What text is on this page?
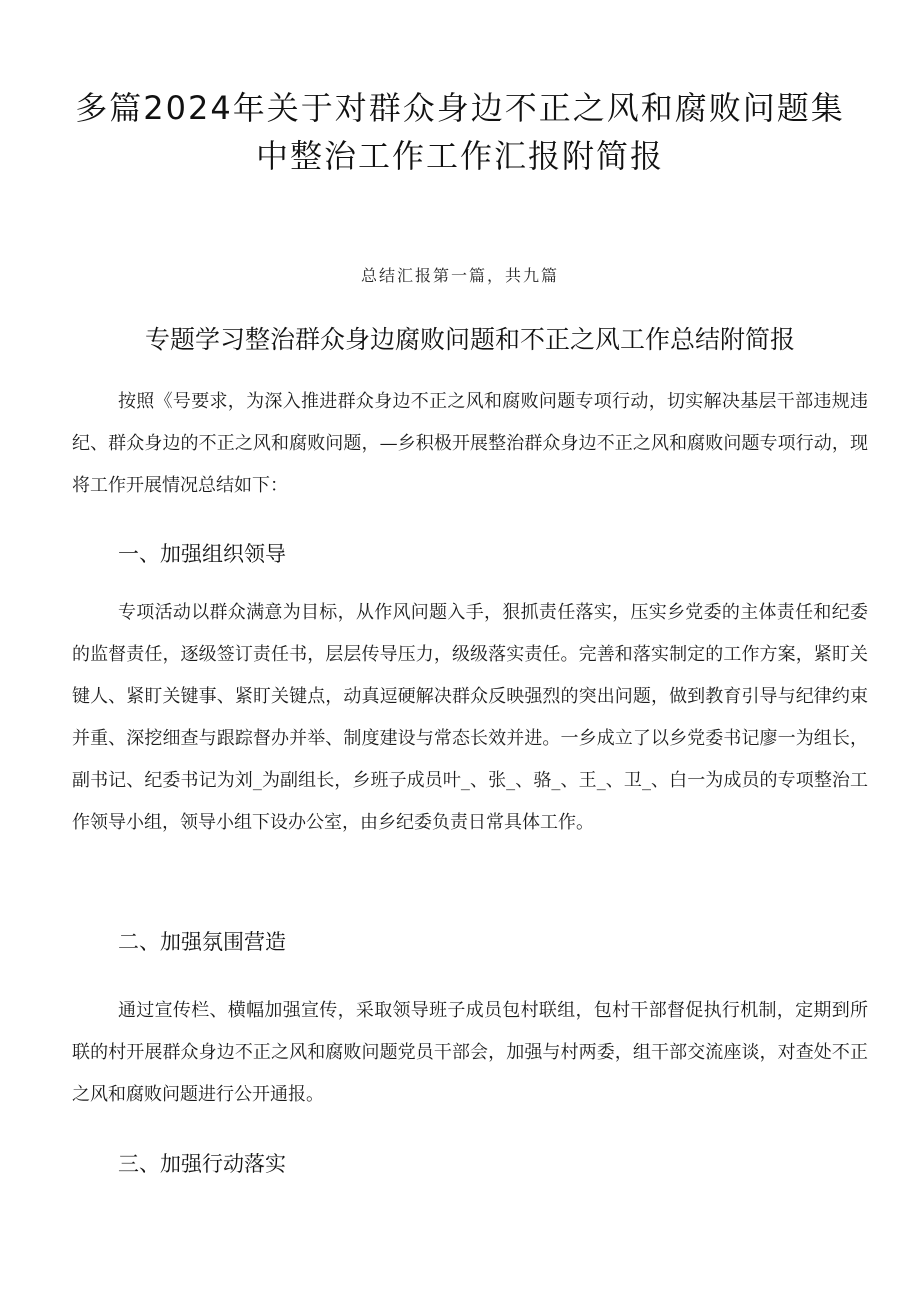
多篇2024年关于对群众身边不正之风和腐败问题集中整治工作工作汇报附简报
总结汇报第一篇，共九篇
专题学习整治群众身边腐败问题和不正之风工作总结附简报

按照《号要求，为深入推进群众身边不正之风和腐败问题专项行动，切实解决基层干部违规违纪、群众身边的不正之风和腐败问题，—乡积极开展整治群众身边不正之风和腐败问题专项行动，现将工作开展情况总结如下：

一、加强组织领导

专项活动以群众满意为目标，从作风问题入手，狠抓责任落实，压实乡党委的主体责任和纪委的监督责任，逐级签订责任书，层层传导压力，级级落实责任。完善和落实制定的工作方案，紧盯关键人、紧盯关键事、紧盯关键点，动真逗硬解决群众反映强烈的突出问题，做到教育引导与纪律约束并重、深挖细查与跟踪督办并举、制度建设与常态长效并进。一乡成立了以乡党委书记廖一为组长，副书记、纪委书记为刘_为副组长，乡班子成员叶_、张_、骆_、王_、卫_、白一为成员的专项整治工作领导小组，领导小组下设办公室，由乡纪委负责日常具体工作。

二、加强氛围营造

通过宣传栏、横幅加强宣传，采取领导班子成员包村联组，包村干部督促执行机制，定期到所联的村开展群众身边不正之风和腐败问题党员干部会，加强与村两委，组干部交流座谈，对查处不正之风和腐败问题进行公开通报。

三、加强行动落实
